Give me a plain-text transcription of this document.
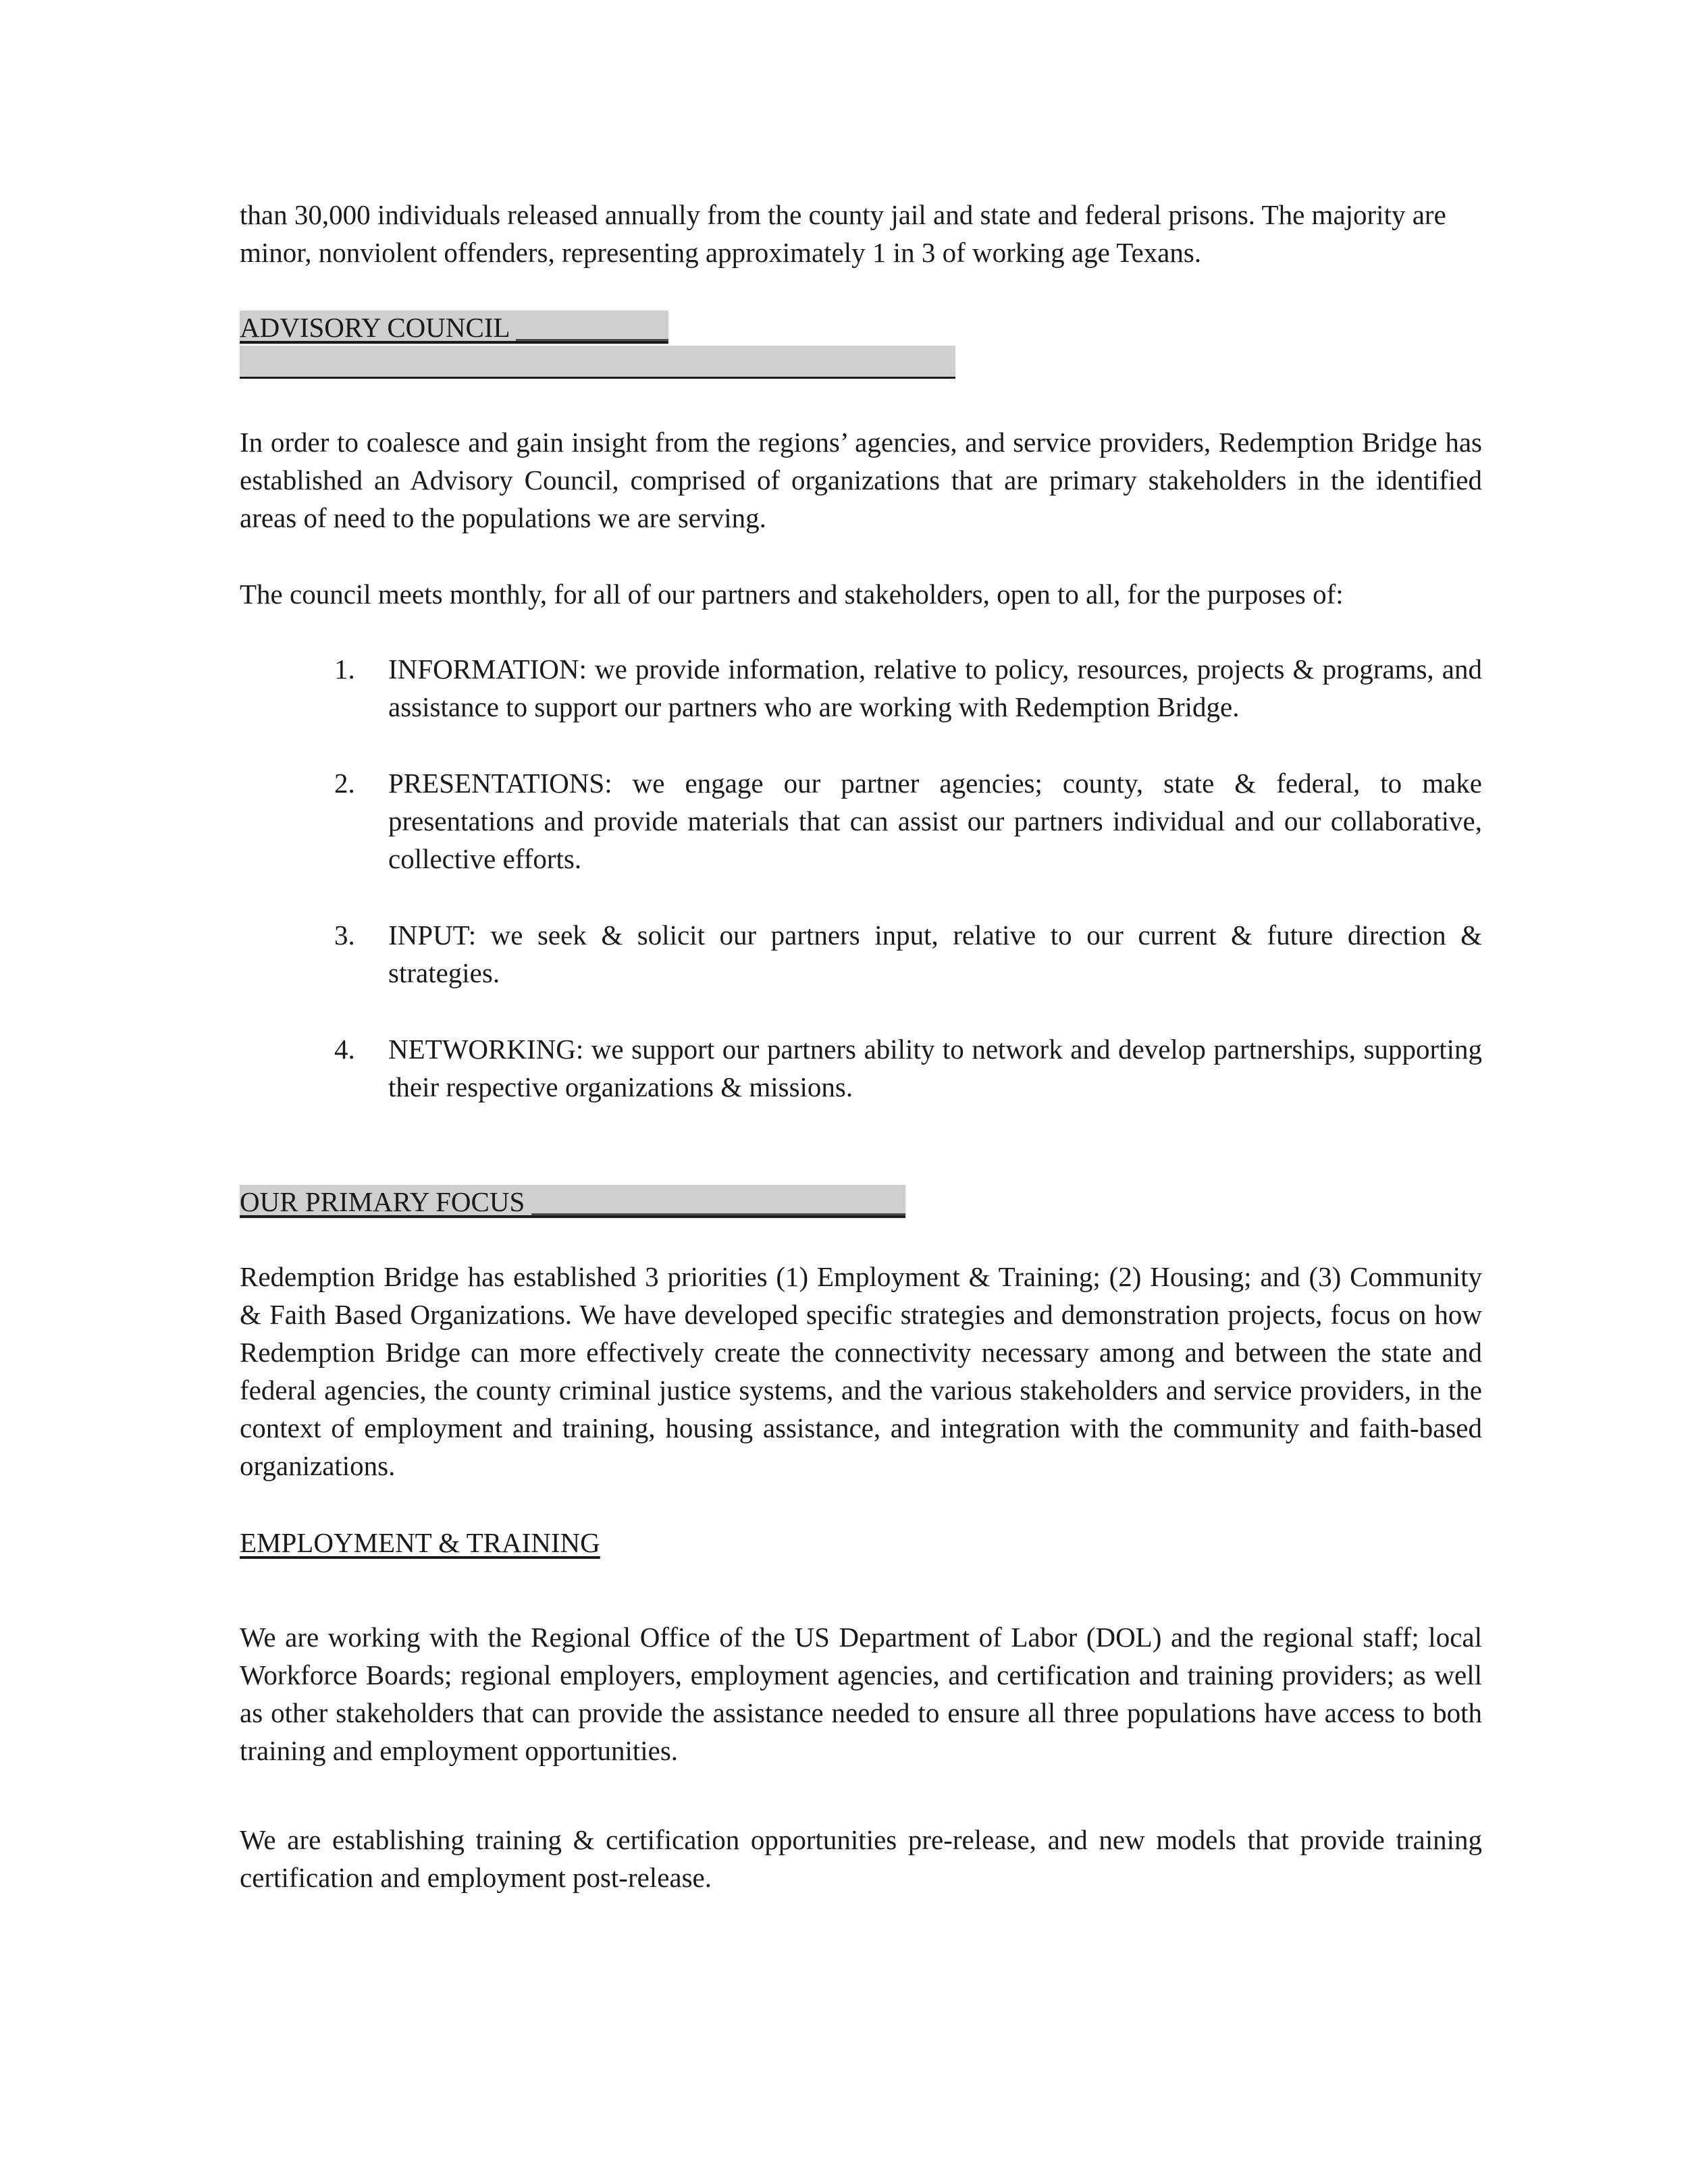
than 30,000 individuals released annually from the county jail and state and federal prisons. The majority are minor, nonviolent offenders, representing approximately 1 in 3 of working age Texans.

ADVISORY COUNCIL ___________

In order to coalesce and gain insight from the regions’ agencies, and service providers, Redemption Bridge has established an Advisory Council, comprised of organizations that are primary stakeholders in the identified areas of need to the populations we are serving.

The council meets monthly, for all of our partners and stakeholders, open to all, for the purposes of:

1.	INFORMATION: we provide information, relative to policy, resources, projects & programs, and assistance to support our partners who are working with Redemption Bridge.
2.	PRESENTATIONS: we engage our partner agencies; county, state & federal, to make presentations and provide materials that can assist our partners individual and our collaborative, collective efforts.
3.	INPUT: we seek & solicit our partners input, relative to our current & future direction & strategies.
4.	NETWORKING: we support our partners ability to network and develop partnerships, supporting their respective organizations & missions.
OUR PRIMARY FOCUS ___________________________

Redemption Bridge has established 3 priorities (1) Employment & Training; (2) Housing; and (3) Community & Faith Based Organizations. We have developed specific strategies and demonstration projects, focus on how Redemption Bridge can more effectively create the connectivity necessary among and between the state and federal agencies, the county criminal justice systems, and the various stakeholders and service providers, in the context of employment and training, housing assistance, and integration with the community and faith-based organizations.

EMPLOYMENT & TRAINING

We are working with the Regional Office of the US Department of Labor (DOL) and the regional staff; local Workforce Boards; regional employers, employment agencies, and certification and training providers; as well as other stakeholders that can provide the assistance needed to ensure all three populations have access to both training and employment opportunities.

We are establishing training & certification opportunities pre-release, and new models that provide training certification and employment post-release.
